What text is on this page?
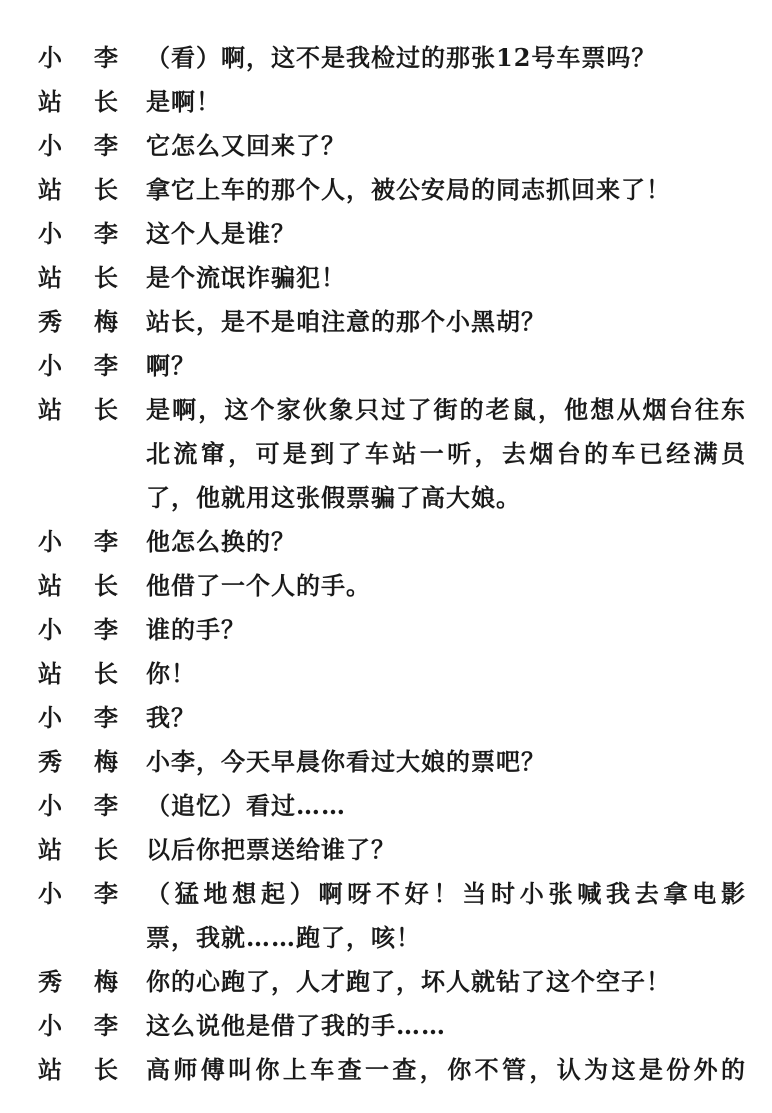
小李
（看）啊，这不是我检过的那张12号车票吗？
站长
是啊！
小李
它怎么又回来了？
站长
拿它上车的那个人，被公安局的同志抓回来了！
小李
这个人是谁？
站长
是个流氓诈骗犯！
秀梅
站长，是不是咱注意的那个小黑胡？
小李
啊？
站长
是啊，这个家伙象只过了街的老鼠，他想从烟台往东
北流窜，可是到了车站一听，去烟台的车已经满员
了，他就用这张假票骗了高大娘。
小李
他怎么换的？
站长
他借了一个人的手。
小李
谁的手？
站长
你！
小李
我？
秀梅
小李，今天早晨你看过大娘的票吧？
小李
（追忆）看过……
站长
以后你把票送给谁了？
小李
（猛地想起）啊呀不好！当时小张喊我去拿电影
票，我就……跑了，咳！
秀梅
你的心跑了，人才跑了，坏人就钻了这个空子！
小李
这么说他是借了我的手……
站长
高师傅叫你上车查一查，你不管，认为这是份外的
